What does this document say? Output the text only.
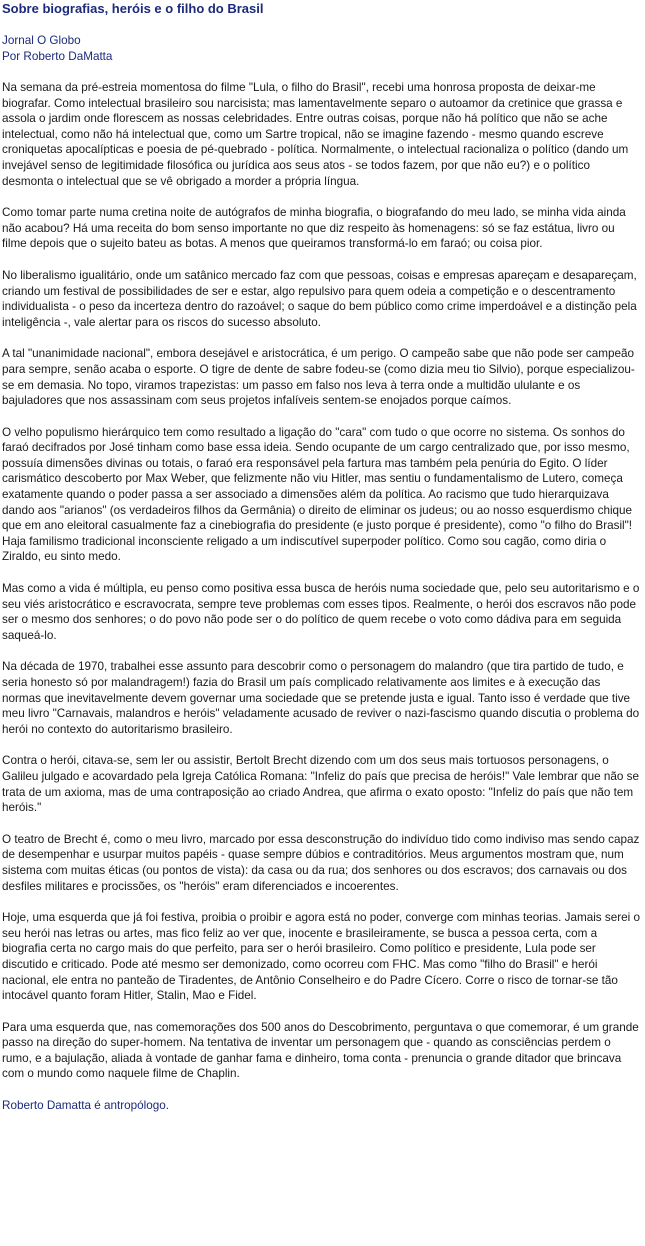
Sobre biografias, heróis e o filho do Brasil
Jornal O Globo
Por Roberto DaMatta

Na semana da pré-estreia momentosa do filme "Lula, o filho do Brasil", recebi uma honrosa proposta de deixar-me biografar. Como intelectual brasileiro sou narcisista; mas lamentavelmente separo o autoamor da cretinice que grassa e assola o jardim onde florescem as nossas celebridades. Entre outras coisas, porque não há político que não se ache intelectual, como não há intelectual que, como um Sartre tropical, não se imagine fazendo - mesmo quando escreve croniquetas apocalípticas e poesia de pé-quebrado - política. Normalmente, o intelectual racionaliza o político (dando um invejável senso de legitimidade filosófica ou jurídica aos seus atos - se todos fazem, por que não eu?) e o político desmonta o intelectual que se vê obrigado a morder a própria língua.

Como tomar parte numa cretina noite de autógrafos de minha biografia, o biografando do meu lado, se minha vida ainda não acabou? Há uma receita do bom senso importante no que diz respeito às homenagens: só se faz estátua, livro ou filme depois que o sujeito bateu as botas. A menos que queiramos transformá-lo em faraó; ou coisa pior.

No liberalismo igualitário, onde um satânico mercado faz com que pessoas, coisas e empresas apareçam e desapareçam, criando um festival de possibilidades de ser e estar, algo repulsivo para quem odeia a competição e o descentramento individualista - o peso da incerteza dentro do razoável; o saque do bem público como crime imperdoável e a distinção pela inteligência -, vale alertar para os riscos do sucesso absoluto.

A tal "unanimidade nacional", embora desejável e aristocrática, é um perigo. O campeão sabe que não pode ser campeão para sempre, senão acaba o esporte. O tigre de dente de sabre fodeu-se (como dizia meu tio Silvio), porque especializou-se em demasia. No topo, viramos trapezistas: um passo em falso nos leva à terra onde a multidão ululante e os bajuladores que nos assassinam com seus projetos infalíveis sentem-se enojados porque caímos.

O velho populismo hierárquico tem como resultado a ligação do "cara" com tudo o que ocorre no sistema. Os sonhos do faraó decifrados por José tinham como base essa ideia. Sendo ocupante de um cargo centralizado que, por isso mesmo, possuía dimensões divinas ou totais, o faraó era responsável pela fartura mas também pela penúria do Egito. O líder carismático descoberto por Max Weber, que felizmente não viu Hitler, mas sentiu o fundamentalismo de Lutero, começa exatamente quando o poder passa a ser associado a dimensões além da política. Ao racismo que tudo hierarquizava dando aos "arianos" (os verdadeiros filhos da Germânia) o direito de eliminar os judeus; ou ao nosso esquerdismo chique que em ano eleitoral casualmente faz a cinebiografia do presidente (e justo porque é presidente), como "o filho do Brasil"! Haja familismo tradicional inconsciente religado a um indiscutível superpoder político. Como sou cagão, como diria o Ziraldo, eu sinto medo.

Mas como a vida é múltipla, eu penso como positiva essa busca de heróis numa sociedade que, pelo seu autoritarismo e o seu viés aristocrático e escravocrata, sempre teve problemas com esses tipos. Realmente, o herói dos escravos não pode ser o mesmo dos senhores; o do povo não pode ser o do político de quem recebe o voto como dádiva para em seguida saqueá-lo.

Na década de 1970, trabalhei esse assunto para descobrir como o personagem do malandro (que tira partido de tudo, e seria honesto só por malandragem!) fazia do Brasil um país complicado relativamente aos limites e à execução das normas que inevitavelmente devem governar uma sociedade que se pretende justa e igual. Tanto isso é verdade que tive meu livro "Carnavais, malandros e heróis" veladamente acusado de reviver o nazi-fascismo quando discutia o problema do herói no contexto do autoritarismo brasileiro.

Contra o herói, citava-se, sem ler ou assistir, Bertolt Brecht dizendo com um dos seus mais tortuosos personagens, o Galileu julgado e acovardado pela Igreja Católica Romana: "Infeliz do país que precisa de heróis!" Vale lembrar que não se trata de um axioma, mas de uma contraposição ao criado Andrea, que afirma o exato oposto: "Infeliz do país que não tem heróis."

O teatro de Brecht é, como o meu livro, marcado por essa desconstrução do indivíduo tido como indiviso mas sendo capaz de desempenhar e usurpar muitos papéis - quase sempre dúbios e contraditórios. Meus argumentos mostram que, num sistema com muitas éticas (ou pontos de vista): da casa ou da rua; dos senhores ou dos escravos; dos carnavais ou dos desfiles militares e procissões, os "heróis" eram diferenciados e incoerentes.

Hoje, uma esquerda que já foi festiva, proibia o proibir e agora está no poder, converge com minhas teorias. Jamais serei o seu herói nas letras ou artes, mas fico feliz ao ver que, inocente e brasileiramente, se busca a pessoa certa, com a biografia certa no cargo mais do que perfeito, para ser o herói brasileiro. Como político e presidente, Lula pode ser discutido e criticado. Pode até mesmo ser demonizado, como ocorreu com FHC. Mas como "filho do Brasil" e herói nacional, ele entra no panteão de Tiradentes, de Antônio Conselheiro e do Padre Cícero. Corre o risco de tornar-se tão intocável quanto foram Hitler, Stalin, Mao e Fidel.

Para uma esquerda que, nas comemorações dos 500 anos do Descobrimento, perguntava o que comemorar, é um grande passo na direção do super-homem. Na tentativa de inventar um personagem que - quando as consciências perdem o rumo, e a bajulação, aliada à vontade de ganhar fama e dinheiro, toma conta - prenuncia o grande ditador que brincava com o mundo como naquele filme de Chaplin.

Roberto Damatta é antropólogo.
